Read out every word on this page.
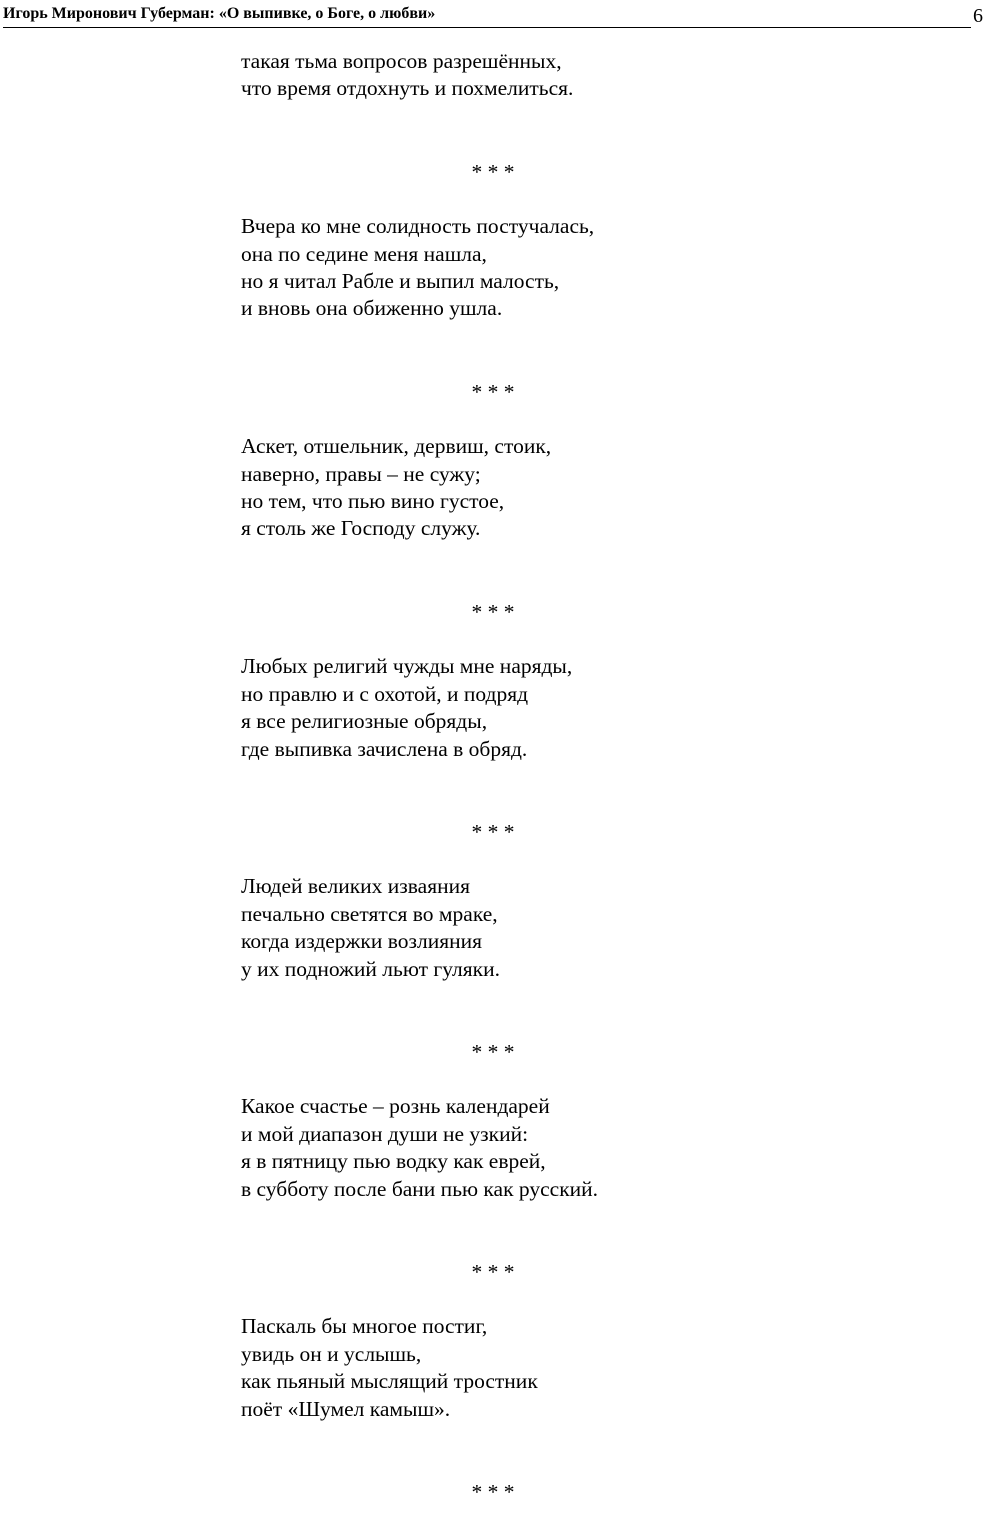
Игорь Миронович Губерман: «О выпивке, о Боге, о любви»	6
такая тьма вопросов разрешённых,
что время отдохнуть и похмелиться.
* * *
Вчера ко мне солидность постучалась,
она по седине меня нашла,
но я читал Рабле и выпил малость,
и вновь она обиженно ушла.
* * *
Аскет, отшельник, дервиш, стоик,
наверно, правы – не сужу;
но тем, что пью вино густое,
я столь же Господу служу.
* * *
Любых религий чужды мне наряды,
но правлю и с охотой, и подряд
я все религиозные обряды,
где выпивка зачислена в обряд.
* * *
Людей великих изваяния
печально светятся во мраке,
когда издержки возлияния
у их подножий льют гуляки.
* * *
Какое счастье – рознь календарей
и мой диапазон души не узкий:
я в пятницу пью водку как еврей,
в субботу после бани пью как русский.
* * *
Паскаль бы многое постиг,
увидь он и услышь,
как пьяный мыслящий тростник
поёт «Шумел камыш».
* * *
